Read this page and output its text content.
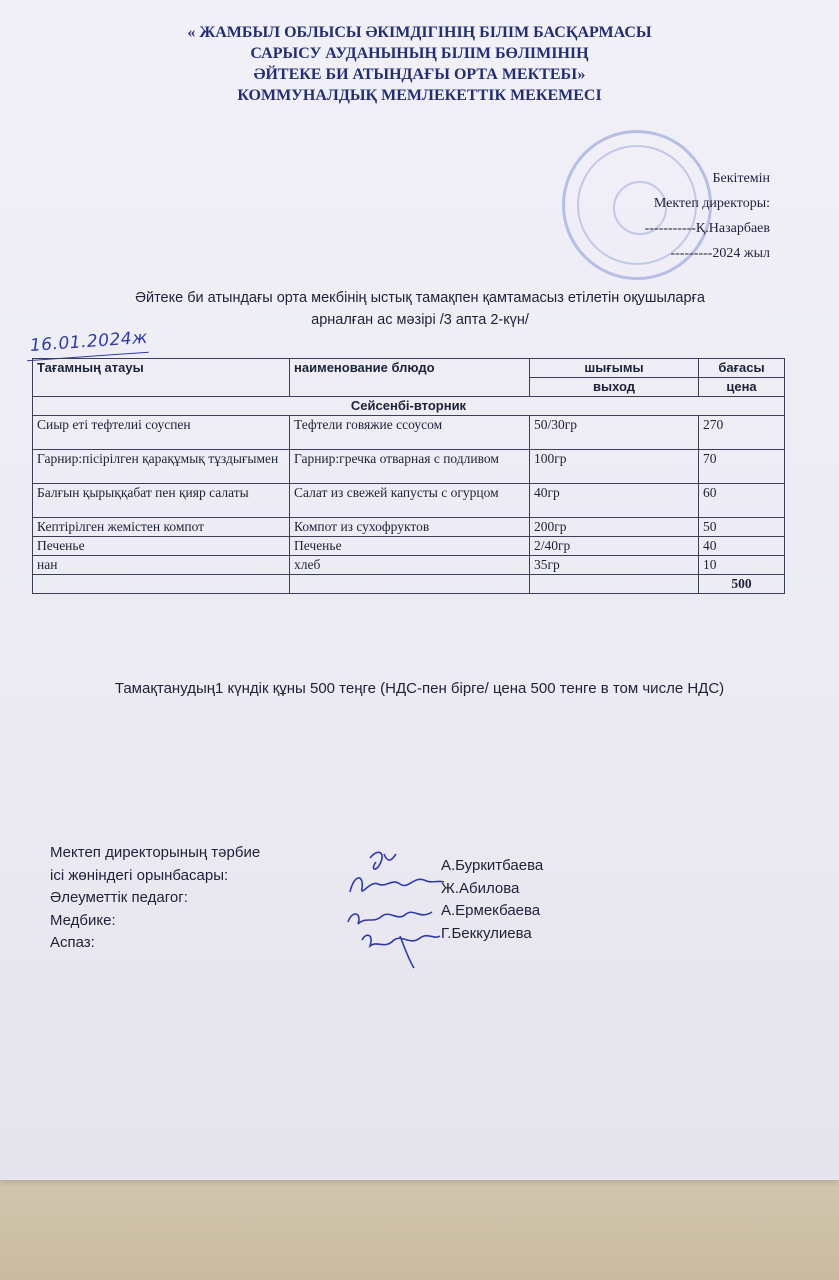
« ЖАМБЫЛ ОБЛЫСЫ ӘКІМДІГІНІҢ БІЛІМ БАСҚАРМАСЫ
САРЫСУ АУДАНЫНЫҢ БІЛІМ БӨЛІМІНІҢ
ӘЙТЕКЕ БИ АТЫНДАҒЫ ОРТА МЕКТЕБІ»
КОММУНАЛДЫҚ МЕМЛЕКЕТТІК МЕКЕМЕСІ
Бекітемін
Мектеп директоры:
-----------Қ.Назарбаев
---------2024 жыл
Әйтеке би атындағы орта мекбінің ыстық тамақпен қамтамасыз етілетін оқушыларға
арналған ас мәзірі /3 апта 2-күн/
16.01.2024ж
Тағамның атауы	наименование блюдо	шығымы	бағасы
		выход	цена
Сейсенбі-вторник			
Сиыр еті тефтелиі соуспен	Тефтели говяжие ссоусом	50/30гр	270
Гарнир:пісірілген қарақұмық тұздығымен	Гарнир:гречка отварная с подливом	100гр	70
Балғын қырыққабат пен қияр салаты	Салат из свежей капусты с огурцом	40гр	60
Кептірілген жемістен компот	Компот из сухофруктов	200гр	50
Печенье	Печенье	2/40гр	40
нан	хлеб	35гр	10
			500
Тамақтанудың1 күндік құны 500 теңге (НДС-пен бірге/ цена 500 тенге в том числе НДС)
Мектеп директорының тәрбие
ісі жөніндегі орынбасары:
Әлеуметтік педагог:
Медбике:
Аспаз:
А.Буркитбаева
Ж.Абилова
А.Ермекбаева
Г.Беккулиева
